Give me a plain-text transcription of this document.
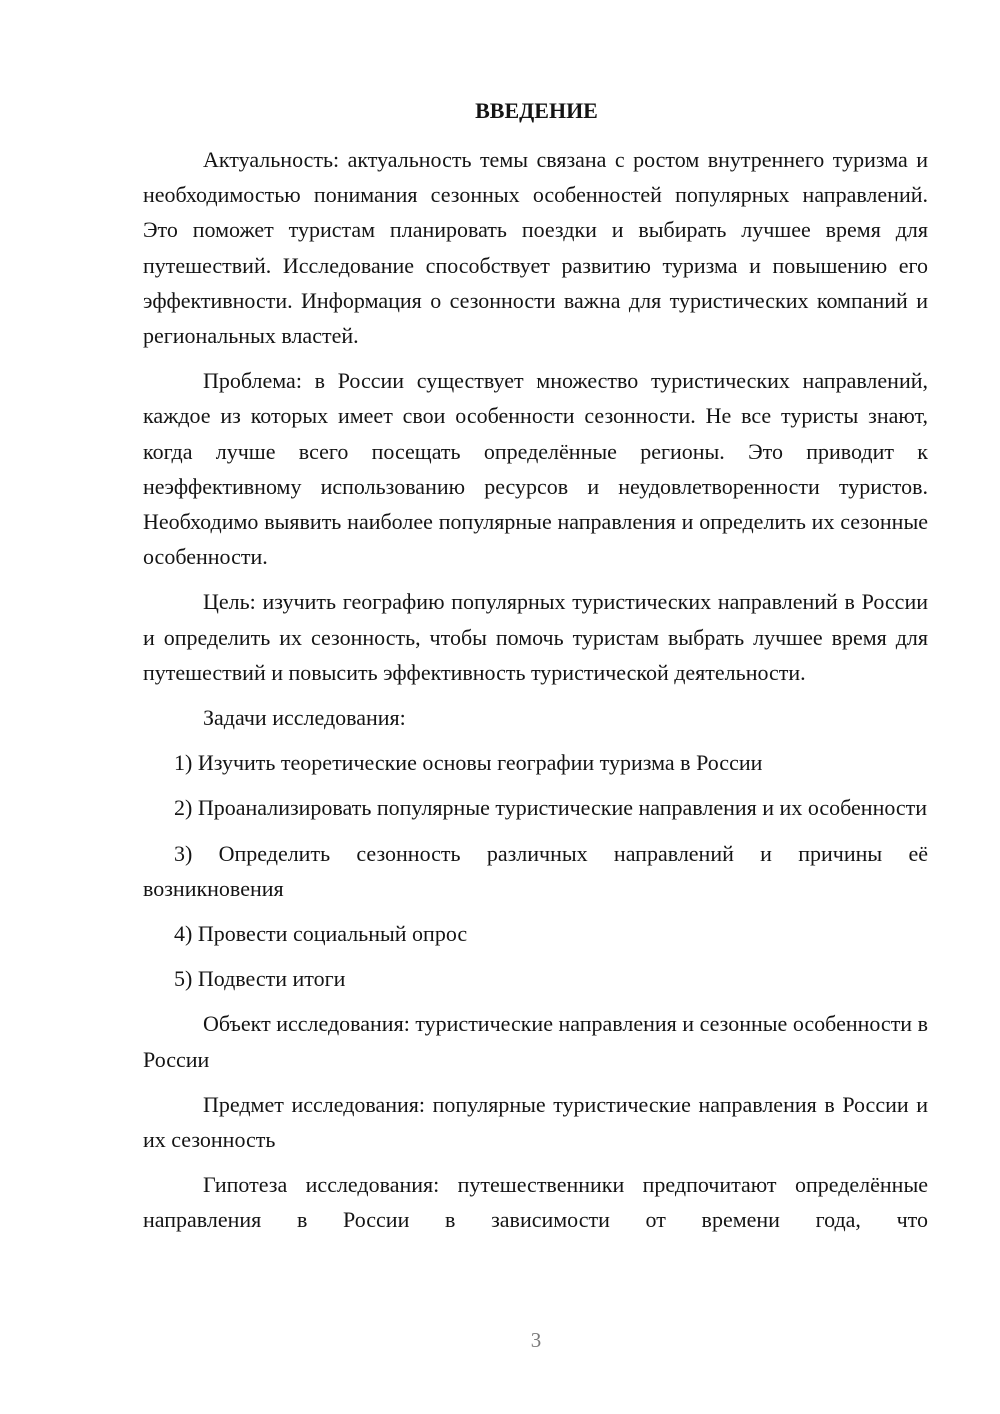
ВВЕДЕНИЕ

Актуальность: актуальность темы связана с ростом внутреннего туризма и необходимостью понимания сезонных особенностей популярных направлений. Это поможет туристам планировать поездки и выбирать лучшее время для путешествий. Исследование способствует развитию туризма и повышению его эффективности. Информация о сезонности важна для туристических компаний и региональных властей.

Проблема: в России существует множество туристических направлений, каждое из которых имеет свои особенности сезонности. Не все туристы знают, когда лучше всего посещать определённые регионы. Это приводит к неэффективному использованию ресурсов и неудовлетворенности туристов. Необходимо выявить наиболее популярные направления и определить их сезонные особенности.

Цель: изучить географию популярных туристических направлений в России и определить их сезонность, чтобы помочь туристам выбрать лучшее время для путешествий и повысить эффективность туристической деятельности.

Задачи исследования:

1) Изучить теоретические основы географии туризма в России

2) Проанализировать популярные туристические направления и их особенности

3) Определить сезонность различных направлений и причины её возникновения

4) Провести социальный опрос

5) Подвести итоги

Объект исследования: туристические направления и сезонные особенности в России

Предмет исследования: популярные туристические направления в России и их сезонность

Гипотеза исследования: путешественники предпочитают определённые направления в России в зависимости от времени года, что

3
